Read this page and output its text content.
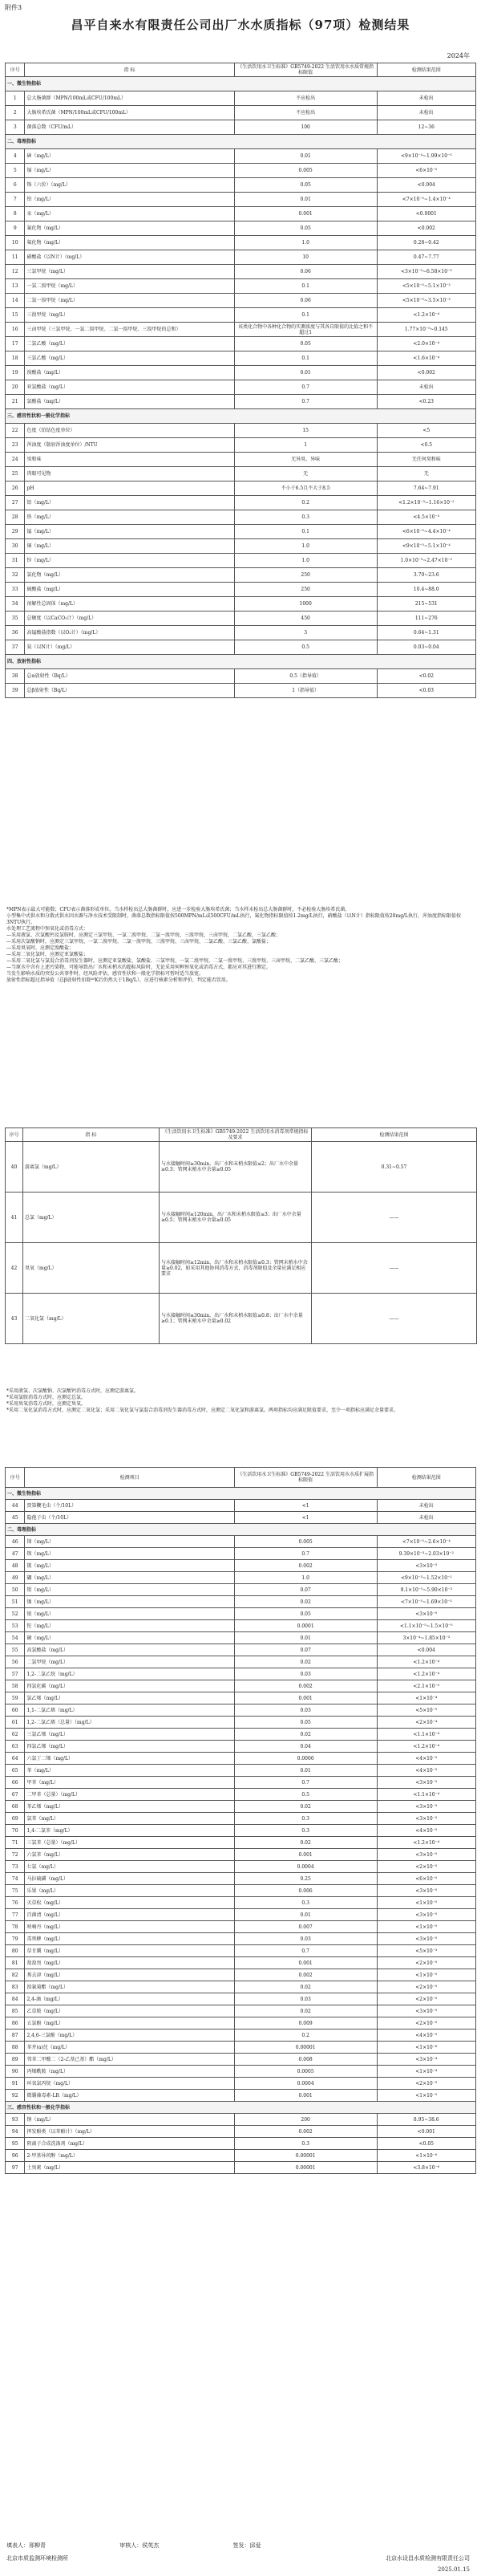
附件3
昌平自来水有限责任公司出厂水水质指标（97项）检测结果
2024年
序号	指 标	《生活饮用水卫生标准》GB5749-2022 生活饮用水水质常规指标限值	检测结果范围
一、微生物指标			
1	总大肠菌群（MPN/100mL或CFU/100mL）	不应检出	未检出
2	大肠埃希氏菌（MPN/100mL或CFU/100mL）	不应检出	未检出
3	菌落总数（CFU/mL）	100	12~36
二、毒理指标			
4	砷（mg/L）	0.01	<9×10⁻⁴~1.99×10⁻³
5	镉（mg/L）	0.005	<6×10⁻⁵
6	铬（六价）（mg/L）	0.05	<0.004
7	铅（mg/L）	0.01	<7×10⁻⁵~1.4×10⁻⁴
8	汞（mg/L）	0.001	<0.0001
9	氰化物（mg/L）	0.05	<0.002
10	氟化物（mg/L）	1.0	0.28~0.42
11	硝酸盐（以N计）（mg/L）	10	0.47~7.77
12	三氯甲烷（mg/L）	0.06	<3×10⁻⁵~6.58×10⁻³
13	一氯二溴甲烷（mg/L）	0.1	<5×10⁻⁵~5.1×10⁻³
14	二氯一溴甲烷（mg/L）	0.06	<5×10⁻⁵~3.5×10⁻³
15	三溴甲烷（mg/L）	0.1	<1.2×10⁻⁴
16	三卤甲烷（三氯甲烷、一氯二溴甲烷、二氯一溴甲烷、三溴甲烷的总和）	该类化合物中各种化合物的实测浓度与其各自限值的比值之和不超过1	1.77×10⁻⁵~0.145
17	二氯乙酸（mg/L）	0.05	<2.0×10⁻⁴
18	三氯乙酸（mg/L）	0.1	<1.6×10⁻⁴
19	溴酸盐（mg/L）	0.01	<0.002
20	亚氯酸盐（mg/L）	0.7	未检出
21	氯酸盐（mg/L）	0.7	<0.23
三、感官性状和一般化学指标			
22	色度（铂钴色度单位）	15	<5
23	浑浊度（散射浑浊度单位）/NTU	1	<0.5
24	臭和味	无异臭、异味	无任何臭和味
25	肉眼可见物	无	无
26	pH	不小于6.5且不大于8.5	7.64~7.91
27	铝（mg/L）	0.2	<1.2×10⁻³~1.16×10⁻²
28	铁（mg/L）	0.3	<4.5×10⁻³
29	锰（mg/L）	0.1	<6×10⁻⁵~4.4×10⁻⁴
30	铜（mg/L）	1.0	<9×10⁻⁵~5.1×10⁻⁴
31	锌（mg/L）	1.0	1.0×10⁻³~2.47×10⁻²
32	氯化物（mg/L）	250	3.70~23.6
33	硫酸盐（mg/L）	250	10.4~88.0
34	溶解性总固体（mg/L）	1000	215~531
35	总硬度（以CaCO₃计）（mg/L）	450	111~276
36	高锰酸盐指数（以O₂计）（mg/L）	3	0.64~1.31
37	氨（以N计）（mg/L）	0.5	0.03~0.04
四、放射性指标			
38	总α放射性（Bq/L）	0.5（指导值）	<0.02
39	总β放射性（Bq/L）	1（指导值）	<0.03
*MPN表示最大可能数；CFU表示菌落形成单位。当水样检出总大肠菌群时，应进一步检验大肠埃希氏菌；当水样未检出总大肠菌群时，不必检验大肠埃希氏菌。
小型集中式供水和分散式供水因水源与净水技术受限制时，菌落总数指标限值按500MPN/mL或500CFU/mL执行，氟化物指标限值按1.2mg/L执行，硝酸盐（以N计）指标限值按20mg/L执行，浑浊度指标限值按3NTU执行。
水处理工艺流程中预氧化或消毒方式：
—采用液氯、次氯酸钙及氯胺时，应测定三氯甲烷、一氯二溴甲烷、二氯一溴甲烷、三溴甲烷、三卤甲烷、二氯乙酸、三氯乙酸；
—采用次氯酸钠时，应测定三氯甲烷、一氯二溴甲烷、二氯一溴甲烷、三溴甲烷、三卤甲烷、二氯乙酸、三氯乙酸、氯酸盐；
—采用臭氧时，应测定溴酸盐；
—采用二氧化氯时，应测定亚氯酸盐；
—采用二氧化氯与氯混合消毒剂发生器时，应测定亚氯酸盐、氯酸盐、三氯甲烷、一氯二溴甲烷、二氯一溴甲烷、三溴甲烷、三卤甲烷、二氯乙酸、三氯乙酸；
—当原水中含有上述污染物，可能导致出厂水和末梢水的超标风险时，无论采用何种预氧化或消毒方式，都应对其进行测定。
当发生影响水质的突发公共事件时，经风险评估，感官性状和一般化学指标可暂时适当放宽。
放射性指标超过指导值（总β放射性扣除⁴⁰K后仍然大于1Bq/L），应进行核素分析和评价，判定能否饮用。
序号	指 标	《生活饮用水卫生标准》GB5749-2022 生活饮用水消毒剂常规指标及要求	检测结果范围
40	游离氯（mg/L）	与水接触时间≥30min，出厂水和末梢水限值≤2；出厂水中余量≥0.3；管网末梢水中余量≥0.05	0.31~0.57
41	总氯（mg/L）	与水接触时间≥120min，出厂水和末梢水限值≤3；出厂水中余量≥0.5；管网末梢水中余量≥0.05	——
42	臭氧（mg/L）	与水接触时间≥12min，出厂水和末梢水限值≤0.3；管网末梢水中余量≥0.02，如采用其他协同消毒方式，消毒剂限值及余量应满足相应要求	——
43	二氧化氯（mg/L）	与水接触时间≥30min，出厂水和末梢水限值≤0.8；出厂水中余量≥0.1；管网末梢水中余量≥0.02	——
*采用液氯、次氯酸钠、次氯酸钙消毒方式时，应测定游离氯。
*采用氯胺消毒方式时，应测定总氯。
*采用臭氧消毒方式时，应测定臭氧。
*采用二氧化氯消毒方式时，应测定二氧化氯；采用二氧化氯与氯混合消毒剂发生器消毒方式时，应测定二氧化氯和游离氯。两项指标均应满足限值要求，至少一项指标应满足余量要求。
序号	检测项目	《生活饮用水卫生标准》GB5749-2022 生活饮用水水质扩展指标限值	检测结果范围
一、微生物指标			
44	贾第鞭毛虫（个/10L）	<1	未检出
45	隐孢子虫（个/10L）	<1	未检出
二、毒理指标			
46	锑（mg/L）	0.005	<7×10⁻⁵~2.6×10⁻⁴
47	钡（mg/L）	0.7	9.39×10⁻³~2.03×10⁻²
48	铍（mg/L）	0.002	<3×10⁻⁵
49	硼（mg/L）	1.0	<9×10⁻³~1.52×10⁻²
50	钼（mg/L）	0.07	9.1×10⁻⁵~5.90×10⁻³
51	镍（mg/L）	0.02	<7×10⁻⁵~1.69×10⁻³
52	银（mg/L）	0.05	<3×10⁻⁵
53	铊（mg/L）	0.0001	<1.1×10⁻⁵~1.5×10⁻⁵
54	硒（mg/L）	0.01	3×10⁻⁴~1.85×10⁻³
55	高氯酸盐（mg/L）	0.07	<0.004
56	二氯甲烷（mg/L）	0.02	<1.2×10⁻⁴
57	1,2-二氯乙烷（mg/L）	0.03	<1.2×10⁻⁴
58	四氯化碳（mg/L）	0.002	<2.1×10⁻⁵
59	氯乙烯（mg/L）	0.001	<1×10⁻⁴
60	1,1-二氯乙烯（mg/L）	0.03	<5×10⁻⁵
61	1,2-二氯乙烯（总量）（mg/L）	0.05	<2×10⁻⁴
62	三氯乙烯（mg/L）	0.02	<1.1×10⁻⁴
63	四氯乙烯（mg/L）	0.04	<1.2×10⁻⁴
64	六氯丁二烯（mg/L）	0.0006	<4×10⁻⁵
65	苯（mg/L）	0.01	<4×10⁻⁵
66	甲苯（mg/L）	0.7	<3×10⁻⁵
67	二甲苯（总量）（mg/L）	0.5	<1.1×10⁻⁴
68	苯乙烯（mg/L）	0.02	<3×10⁻⁵
69	氯苯（mg/L）	0.3	<3×10⁻⁵
70	1,4-二氯苯（mg/L）	0.3	<4×10⁻⁵
71	三氯苯（总量）（mg/L）	0.02	<1.2×10⁻⁴
72	六氯苯（mg/L）	0.001	<3×10⁻⁵
73	七氯（mg/L）	0.0004	<2×10⁻⁵
74	马拉硫磷（mg/L）	0.25	<6×10⁻⁵
75	乐果（mg/L）	0.006	<3×10⁻⁵
76	灭草松（mg/L）	0.3	<1×10⁻⁵
77	百菌清（mg/L）	0.01	<3×10⁻⁵
78	呋喃丹（mg/L）	0.007	<1×10⁻⁵
79	毒死蜱（mg/L）	0.03	<3×10⁻⁵
80	草甘膦（mg/L）	0.7	<5×10⁻³
81	敌敌畏（mg/L）	0.001	<2×10⁻⁵
82	莠去津（mg/L）	0.002	<1×10⁻⁵
83	溴氰菊酯（mg/L）	0.02	<2×10⁻⁵
84	2,4-滴（mg/L）	0.03	<2×10⁻⁵
85	乙草胺（mg/L）	0.02	<3×10⁻⁵
86	五氯酚（mg/L）	0.009	<2×10⁻⁵
87	2,4,6-三氯酚（mg/L）	0.2	<4×10⁻⁵
88	苯并(a)芘（mg/L）	0.00001	<1×10⁻⁶
89	邻苯二甲酸二（2-乙基己基）酯（mg/L）	0.008	<3×10⁻⁴
90	丙烯酰胺（mg/L）	0.0005	<1×10⁻⁴
91	环氧氯丙烷（mg/L）	0.0004	<2×10⁻⁵
92	微囊藻毒素-LR（mg/L）	0.001	<1×10⁻⁵
三、感官性状和一般化学指标			
93	钠（mg/L）	200	8.95~38.6
94	挥发酚类（以苯酚计）（mg/L）	0.002	<0.001
95	阴离子合成洗涤剂（mg/L）	0.3	<0.05
96	2-甲基异莰醇（mg/L）	0.00001	<1×10⁻⁶
97	土臭素（mg/L）	0.00001	<3.8×10⁻⁶
填表人：邢柳青	审核人：侯英杰	签发：邱爱
北京市质监测环境检测所	北京水设昌水质检测有限责任公司
2025.01.15
